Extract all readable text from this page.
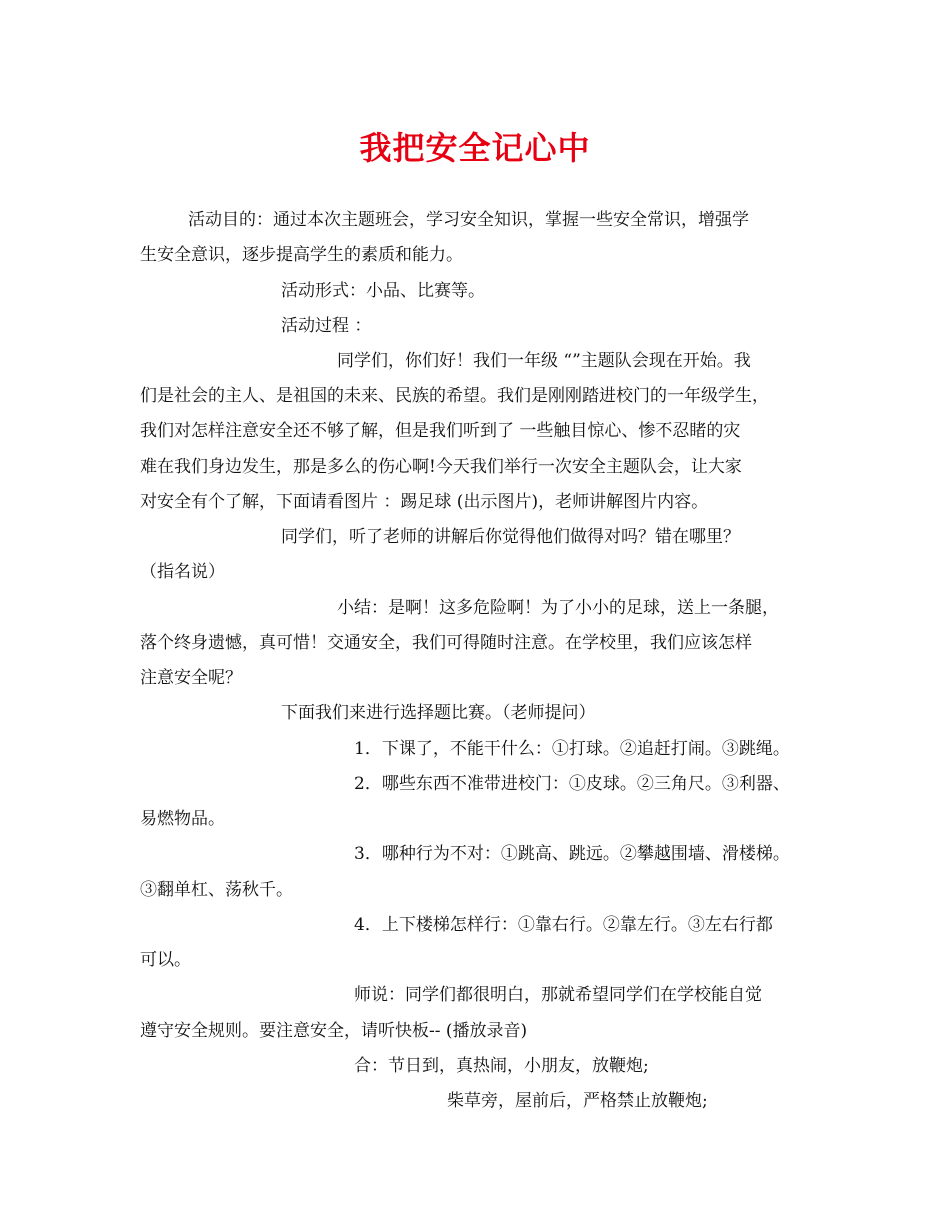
我把安全记心中
活动目的：通过本次主题班会，学习安全知识，掌握一些安全常识，增强学
生安全意识，逐步提高学生的素质和能力。
活动形式：小品、比赛等。
活动过程 ：
同学们，你们好！我们一年级 “”主题队会现在开始。我
们是社会的主人、是祖国的未来、民族的希望。我们是刚刚踏进校门的一年级学生，
我们对怎样注意安全还不够了解，但是我们听到了 一些触目惊心、惨不忍睹的灾
难在我们身边发生，那是多么的伤心啊!今天我们举行一次安全主题队会，让大家
对安全有个了解，下面请看图片 ：踢足球 (出示图片)，老师讲解图片内容。
同学们，听了老师的讲解后你觉得他们做得对吗？错在哪里？
（指名说）
小结：是啊！这多危险啊！为了小小的足球，送上一条腿，
落个终身遗憾，真可惜！交通安全，我们可得随时注意。在学校里，我们应该怎样
注意安全呢？
下面我们来进行选择题比赛。（老师提问）
1．下课了，不能干什么：①打球。②追赶打闹。③跳绳。
2．哪些东西不准带进校门：①皮球。②三角尺。③利器、
易燃物品。
3．哪种行为不对：①跳高、跳远。②攀越围墙、滑楼梯。
③翻单杠、荡秋千。
4．上下楼梯怎样行：①靠右行。②靠左行。③左右行都
可以。
师说：同学们都很明白，那就希望同学们在学校能自觉
遵守安全规则。要注意安全，请听快板-- (播放录音)
合：节日到，真热闹，小朋友，放鞭炮;
柴草旁，屋前后，严格禁止放鞭炮;
